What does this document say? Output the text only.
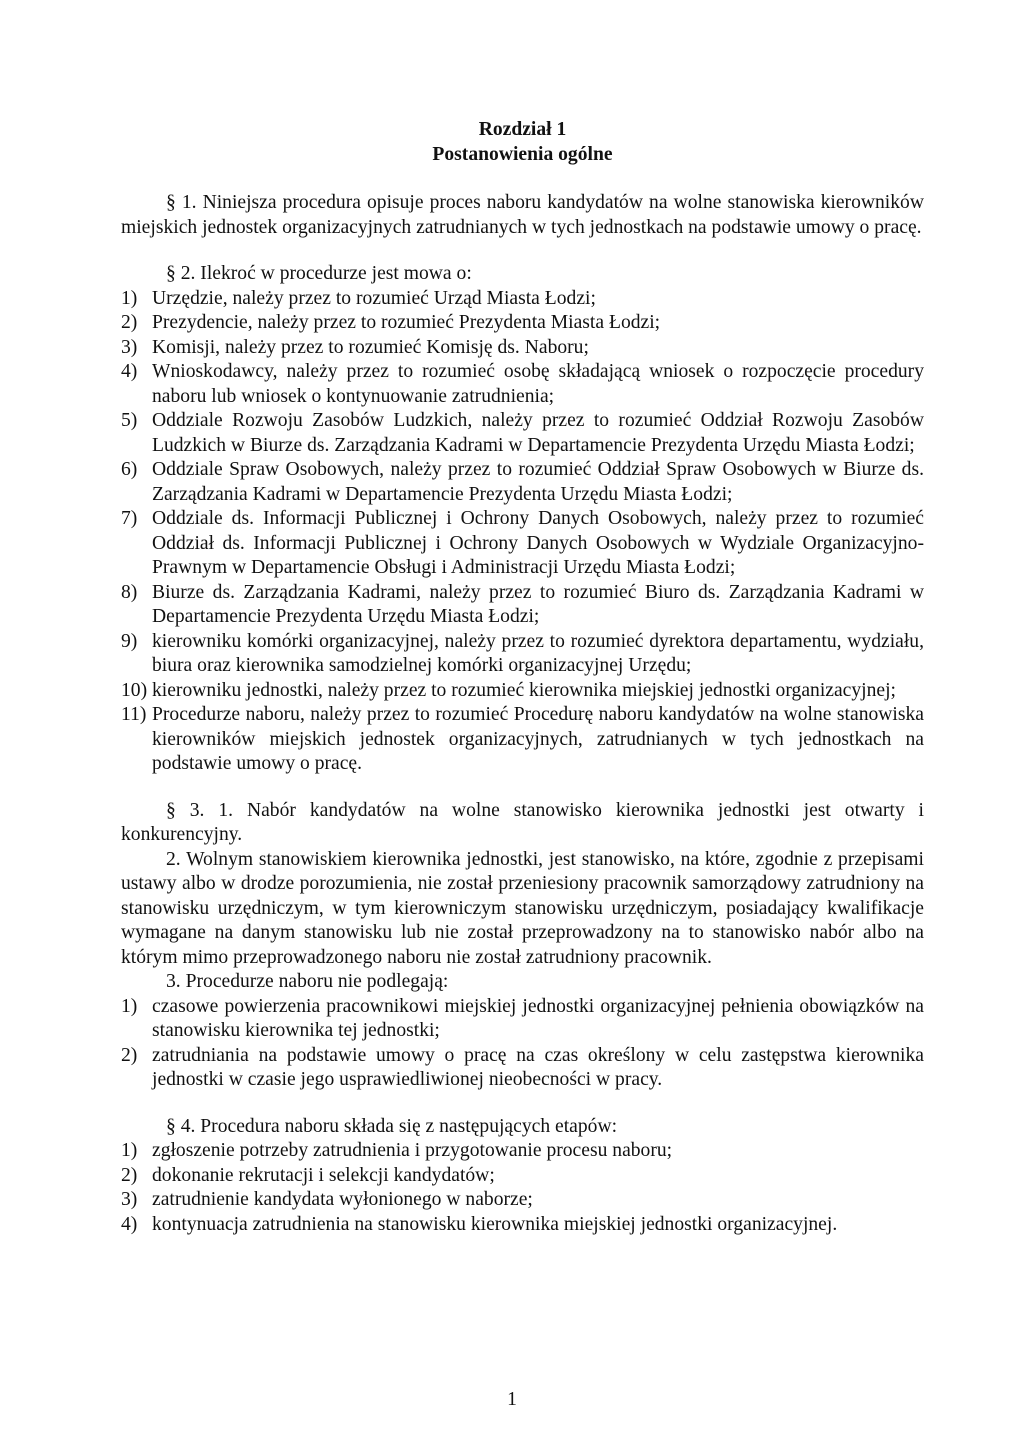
Rozdział 1
Postanowienia ogólne
§ 1. Niniejsza procedura opisuje proces naboru kandydatów na wolne stanowiska kierowników miejskich jednostek organizacyjnych zatrudnianych w tych jednostkach na podstawie umowy o pracę.
§ 2. Ilekroć w procedurze jest mowa o:
1) Urzędzie, należy przez to rozumieć Urząd Miasta Łodzi;
2) Prezydencie, należy przez to rozumieć Prezydenta Miasta Łodzi;
3) Komisji, należy przez to rozumieć Komisję ds. Naboru;
4) Wnioskodawcy, należy przez to rozumieć osobę składającą wniosek o rozpoczęcie procedury naboru lub wniosek o kontynuowanie zatrudnienia;
5) Oddziale Rozwoju Zasobów Ludzkich, należy przez to rozumieć Oddział Rozwoju Zasobów Ludzkich w Biurze ds. Zarządzania Kadrami w Departamencie Prezydenta Urzędu Miasta Łodzi;
6) Oddziale Spraw Osobowych, należy przez to rozumieć Oddział Spraw Osobowych w Biurze ds. Zarządzania Kadrami w Departamencie Prezydenta Urzędu Miasta Łodzi;
7) Oddziale ds. Informacji Publicznej i Ochrony Danych Osobowych, należy przez to rozumieć Oddział ds. Informacji Publicznej i Ochrony Danych Osobowych w Wydziale Organizacyjno-Prawnym w Departamencie Obsługi i Administracji Urzędu Miasta Łodzi;
8) Biurze ds. Zarządzania Kadrami, należy przez to rozumieć Biuro ds. Zarządzania Kadrami w Departamencie Prezydenta Urzędu Miasta Łodzi;
9) kierowniku komórki organizacyjnej, należy przez to rozumieć dyrektora departamentu, wydziału, biura oraz kierownika samodzielnej komórki organizacyjnej Urzędu;
10) kierowniku jednostki, należy przez to rozumieć kierownika miejskiej jednostki organizacyjnej;
11) Procedurze naboru, należy przez to rozumieć Procedurę naboru kandydatów na wolne stanowiska kierowników miejskich jednostek organizacyjnych, zatrudnianych w tych jednostkach na podstawie umowy o pracę.
§ 3. 1. Nabór kandydatów na wolne stanowisko kierownika jednostki jest otwarty i konkurencyjny.
2. Wolnym stanowiskiem kierownika jednostki, jest stanowisko, na które, zgodnie z przepisami ustawy albo w drodze porozumienia, nie został przeniesiony pracownik samorządowy zatrudniony na stanowisku urzędniczym, w tym kierowniczym stanowisku urzędniczym, posiadający kwalifikacje wymagane na danym stanowisku lub nie został przeprowadzony na to stanowisko nabór albo na którym mimo przeprowadzonego naboru nie został zatrudniony pracownik.
3. Procedurze naboru nie podlegają:
1) czasowe powierzenia pracownikowi miejskiej jednostki organizacyjnej pełnienia obowiązków na stanowisku kierownika tej jednostki;
2) zatrudniania na podstawie umowy o pracę na czas określony w celu zastępstwa kierownika jednostki w czasie jego usprawiedliwionej nieobecności w pracy.
§ 4. Procedura naboru składa się z następujących etapów:
1) zgłoszenie potrzeby zatrudnienia i przygotowanie procesu naboru;
2) dokonanie rekrutacji i selekcji kandydatów;
3) zatrudnienie kandydata wyłonionego w naborze;
4) kontynuacja zatrudnienia na stanowisku kierownika miejskiej jednostki organizacyjnej.
1
